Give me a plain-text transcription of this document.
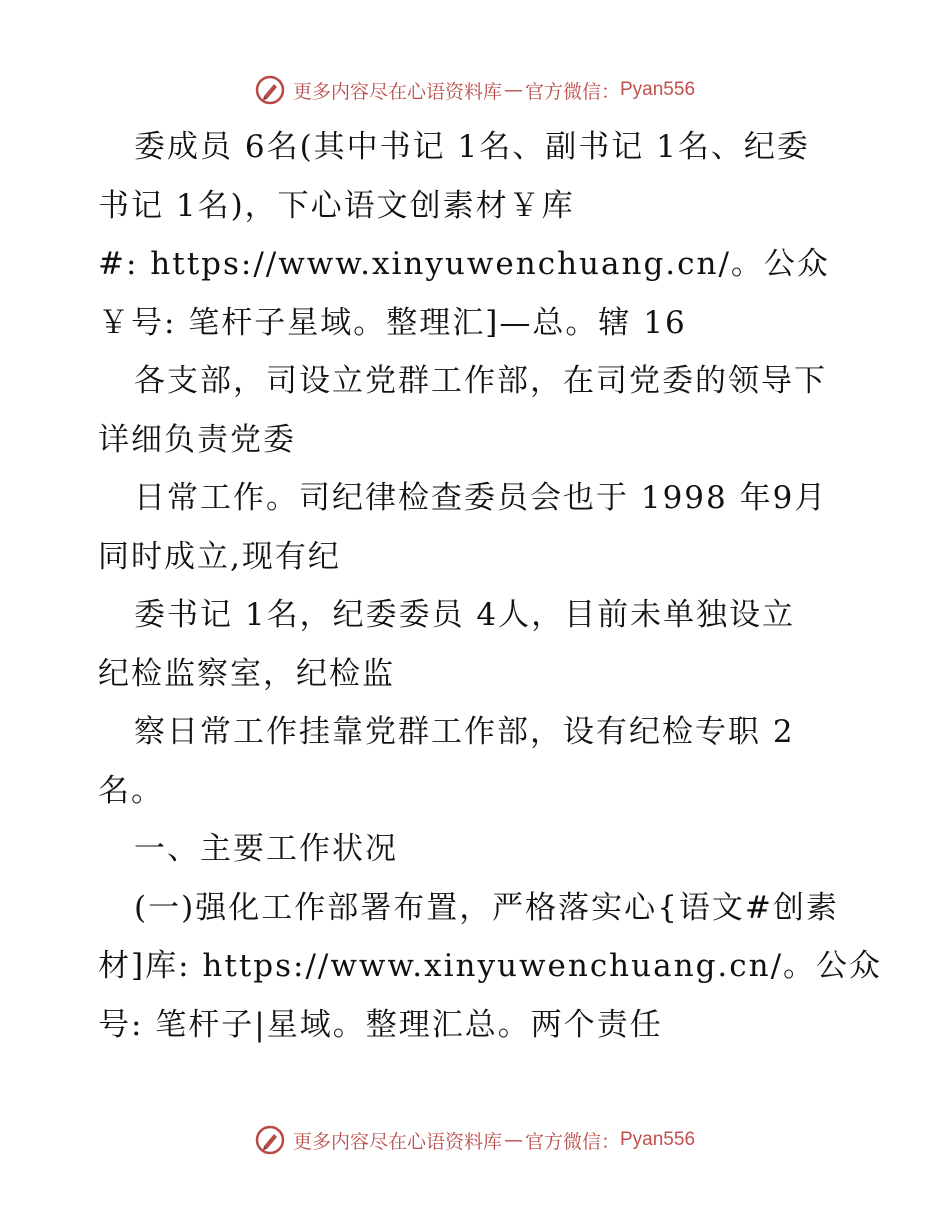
更多内容尽在心语资料库 — 官方微信： Pyan556
委成员 6名(其中书记 1名、副书记 1名、纪委
书记 1名)，下心语文创素材￥库
#: https://www.xinyuwenchuang.cn/。公众
￥号: 笔杆子星域。整理汇]—总。辖 16
各支部，司设立党群工作部，在司党委的领导下
详细负责党委
日常工作。司纪律检查委员会也于 1998 年9月
同时成立,现有纪
委书记 1名，纪委委员 4人，目前未单独设立
纪检监察室，纪检监
察日常工作挂靠党群工作部，设有纪检专职 2
名。
一、主要工作状况
(一)强化工作部署布置，严格落实心{语文#创素
材]库: https://www.xinyuwenchuang.cn/。公众
号: 笔杆子|星域。整理汇总。两个责任
更多内容尽在心语资料库 — 官方微信： Pyan556
